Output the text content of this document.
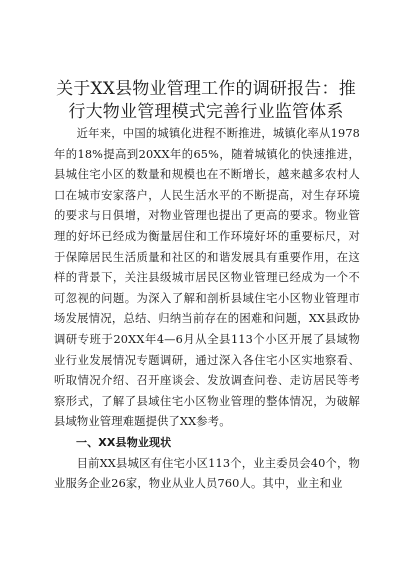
关于XX县物业管理工作的调研报告：推行大物业管理模式完善行业监管体系

近年来，中国的城镇化进程不断推进，城镇化率从1978年的18%提高到20XX年的65%，随着城镇化的快速推进，县城住宅小区的数量和规模也在不断增长，越来越多农村人口在城市安家落户，人民生活水平的不断提高，对生存环境的要求与日俱增，对物业管理也提出了更高的要求。物业管理的好坏已经成为衡量居住和工作环境好坏的重要标尺，对于保障居民生活质量和社区的和谐发展具有重要作用，在这样的背景下，关注县级城市居民区物业管理已经成为一个不可忽视的问题。为深入了解和剖析县域住宅小区物业管理市场发展情况，总结、归纳当前存在的困难和问题，XX县政协调研专班于20XX年4—6月从全县113个小区开展了县域物业行业发展情况专题调研，通过深入各住宅小区实地察看、听取情况介绍、召开座谈会、发放调查问卷、走访居民等考察形式，了解了县域住宅小区物业管理的整体情况，为破解县域物业管理难题提供了XX参考。

一、XX县物业现状

目前XX县城区有住宅小区113个，业主委员会40个，物业服务企业26家，物业从业人员760人。其中，业主和业
